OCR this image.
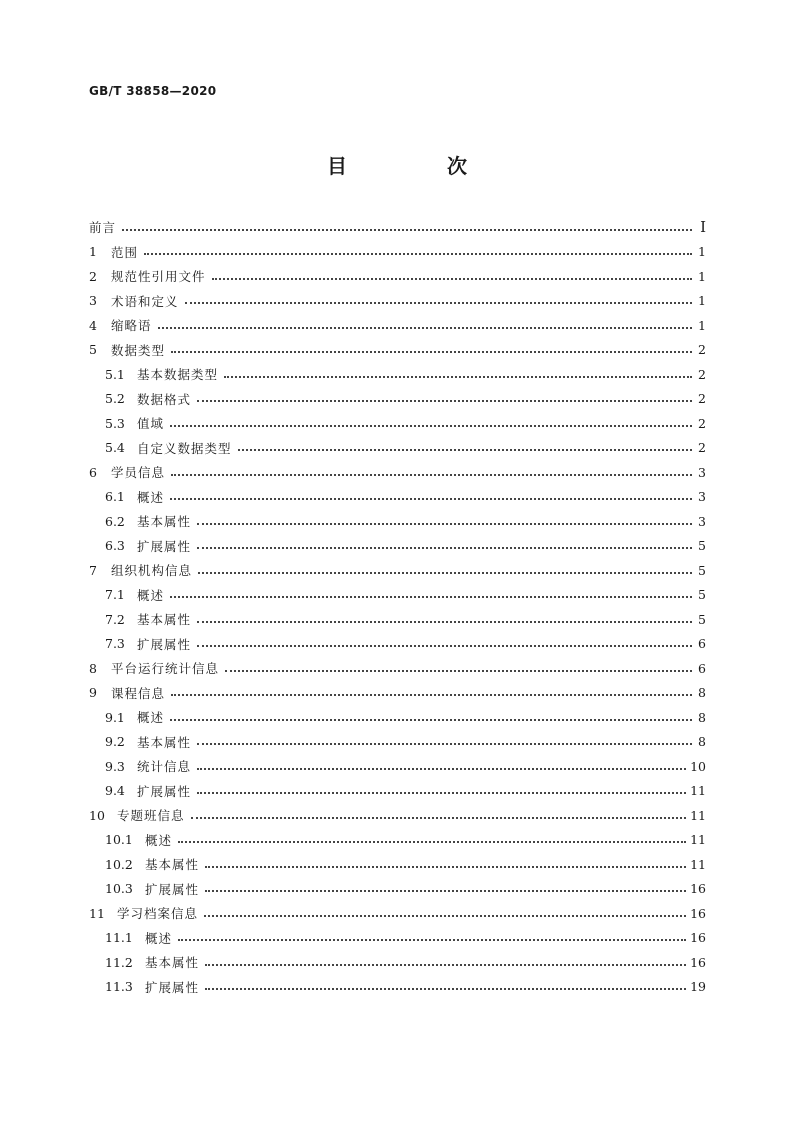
GB/T 38858—2020

目　次
前言	I
1	范围	1
2	规范性引用文件	1
3	术语和定义	1
4	缩略语	1
5	数据类型	2
5.1 基本数据类型	2
5.2 数据格式	2
5.3 值域	2
5.4 自定义数据类型	2
6	学员信息	3
6.1 概述	3
6.2 基本属性	3
6.3 扩展属性	5
7	组织机构信息	5
7.1 概述	5
7.2 基本属性	5
7.3 扩展属性	6
8	平台运行统计信息	6
9	课程信息	8
9.1 概述	8
9.2 基本属性	8
9.3 统计信息	10
9.4 扩展属性	11
10 专题班信息	11
10.1 概述	11
10.2 基本属性	11
10.3 扩展属性	16
11 学习档案信息	16
11.1 概述	16
11.2 基本属性	16
11.3 扩展属性	19
